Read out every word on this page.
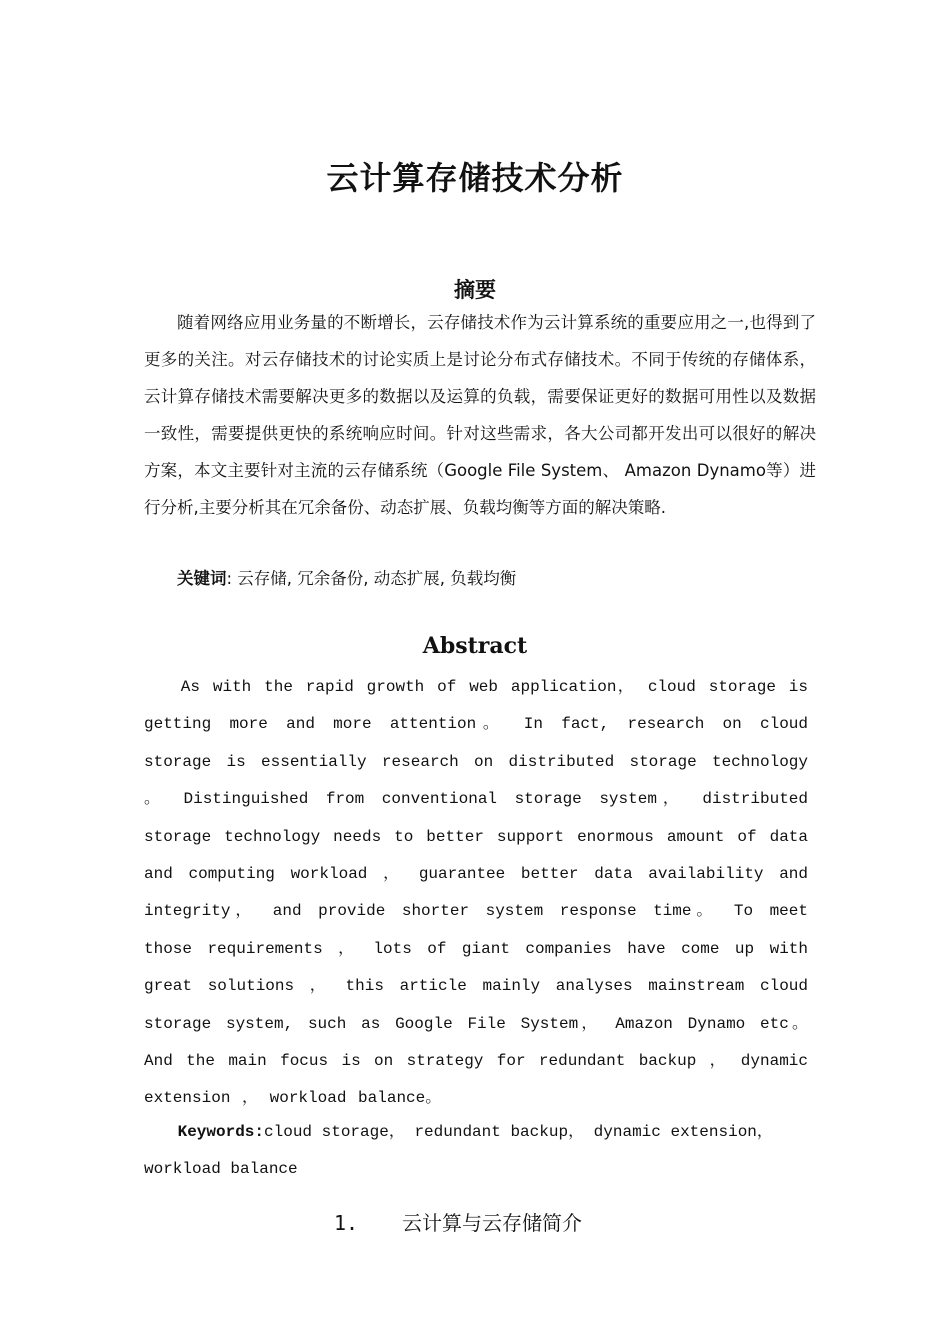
云计算存储技术分析
摘要

随着网络应用业务量的不断增长，云存储技术作为云计算系统的重要应用之一,也得到了更多的关注。对云存储技术的讨论实质上是讨论分布式存储技术。不同于传统的存储体系，云计算存储技术需要解决更多的数据以及运算的负载，需要保证更好的数据可用性以及数据一致性，需要提供更快的系统响应时间。针对这些需求，各大公司都开发出可以很好的解决方案，本文主要针对主流的云存储系统（Google File System、 Amazon Dynamo等）进行分析,主要分析其在冗余备份、动态扩展、负载均衡等方面的解决策略.

关键词: 云存储, 冗余备份, 动态扩展, 负载均衡

Abstract

As with the rapid growth of web application， cloud storage is getting more and more attention。 In fact, research on cloud storage is essentially research on distributed storage technology 。 Distinguished from conventional storage system， distributed storage technology needs to better support enormous amount of data and computing workload ， guarantee better data availability and integrity， and provide shorter system response time。 To meet those requirements ， lots of giant companies have come up with great solutions ， this article mainly analyses mainstream cloud storage system, such as Google File System， Amazon Dynamo etc。 And the main focus is on strategy for redundant backup ， dynamic extension ， workload balance。

Keywords:cloud storage， redundant backup， dynamic extension， workload balance

1. 云计算与云存储简介
